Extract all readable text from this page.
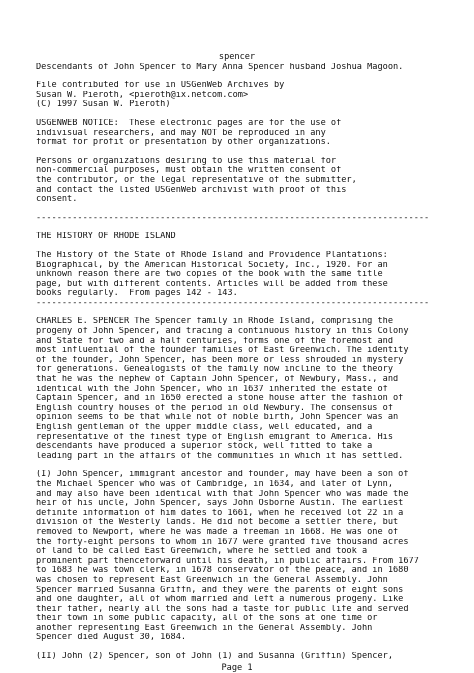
spencer
Descendants of John Spencer to Mary Anna Spencer husband Joshua Magoon.
File contributed for use in USGenWeb Archives by
Susan W. Pieroth, <pieroth@ix.netcom.com>
(C) 1997 Susan W. Pieroth)
USGENWEB NOTICE:  These electronic pages are for the use of
indivisual researchers, and may NOT be reproduced in any
format for profit or presentation by other organizations.
Persons or organizations desiring to use this material for
non-commercial purposes, must obtain the written consent of
the contributor, or the legal representative of the submitter,
and contact the listed USGenWeb archivist with proof of this
consent.
----------------------------------------------------------------------------
THE HISTORY OF RHODE ISLAND
The History of the State of Rhode Island and Providence Plantations:
Biographical, by the American Historical Society, Inc., 1920. For an
unknown reason there are two copies of the book with the same title
page, but with different contents. Articles will be added from these
books regularly.  From pages 142 - 143.
----------------------------------------------------------------------------
CHARLES E. SPENCER The Spencer family in Rhode Island, comprising the
progeny of John Spencer, and tracing a continuous history in this Colony
and State for two and a half centuries, forms one of the foremost and
most influential of the founder families of East Greenwich. The identity
of the founder, John Spencer, has been more or less shrouded in mystery
for generations. Genealogists of the family now incline to the theory
that he was the nephew of Captain John Spencer, of Newbury, Mass., and
identical with the John Spencer, who in 1637 inherited the estate of
Captain Spencer, and in 1650 erected a stone house after the fashion of
English country houses of the period in old Newbury. The consensus of
opinion seems to be that while not of noble birth, John Spencer was an
English gentleman of the upper middle class, well educated, and a
representative of the finest type of English emigrant to America. His
descendants have produced a superior stock, well fitted to take a
leading part in the affairs of the communities in which it has settled.
(I) John Spencer, immigrant ancestor and founder, may have been a son of
the Michael Spencer who was of Cambridge, in 1634, and later of Lynn,
and may also have been identical with that John Spencer who was made the
heir of his uncle, John Spencer, says John Osborne Austin. The earliest
definite information of him dates to 1661, when he received lot 22 in a
division of the Westerly lands. He did not become a settler there, but
removed to Newport, where he was made a freeman in 1668. He was one of
the forty-eight persons to whom in 1677 were granted five thousand acres
of land to be called East Greenwich, where he settled and took a
prominent part thenceforward until his death, in public affairs. From 1677
to 1683 he was town clerk, in 1678 conservator of the peace, and in 1680
was chosen to represent East Greenwich in the General Assembly. John
Spencer married Susanna Griffn, and they were the parents of eight sons
and one daughter, all of whom married and left a numerous progeny. Like
their father, nearly all the sons had a taste for public life and served
their town in some public capacity, all of the sons at one time or
another representing East Greenwich in the General Assembly. John
Spencer died August 30, 1684.
(II) John (2) Spencer, son of John (1) and Susanna (Griffin) Spencer,
Page 1
